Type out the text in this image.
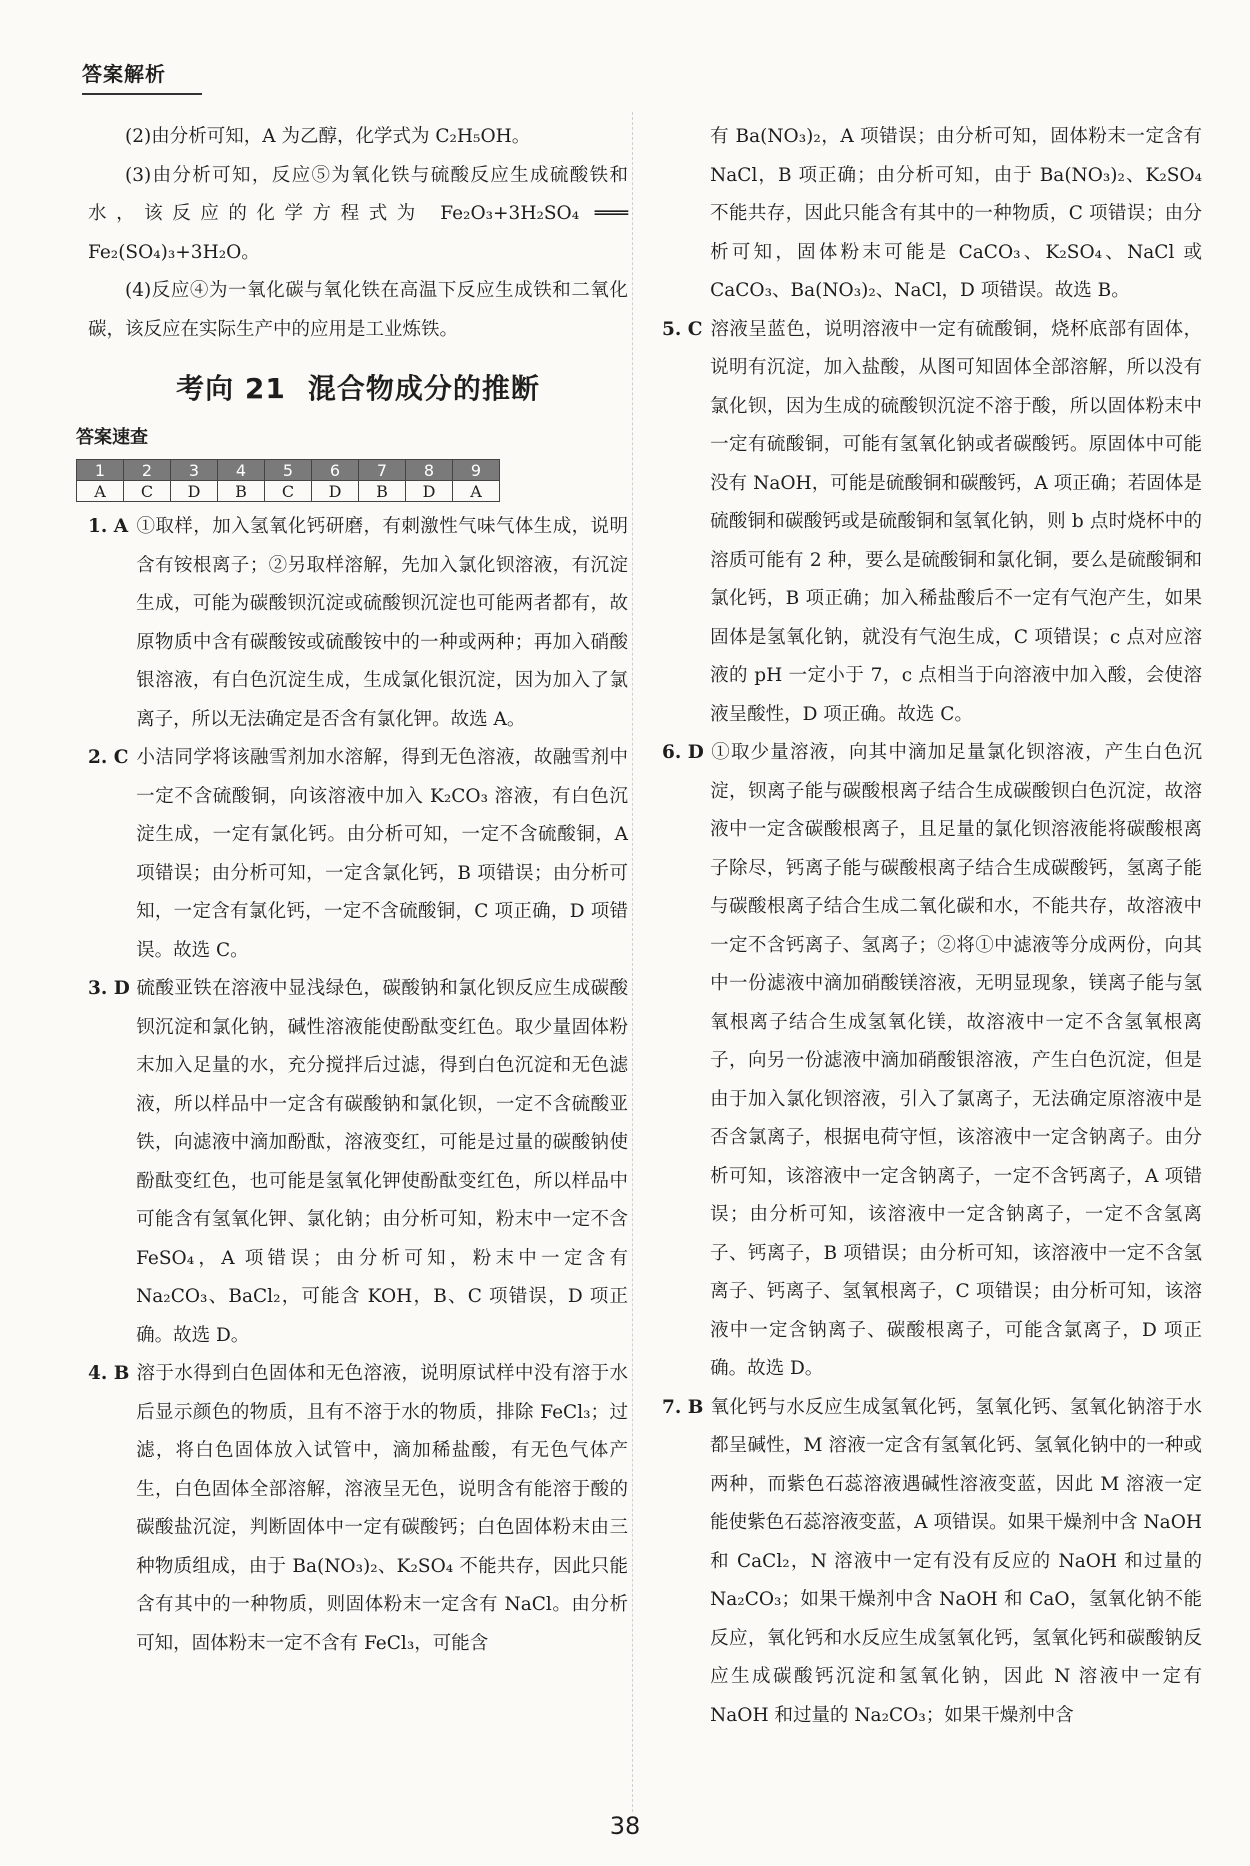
答案解析

(2)由分析可知，A 为乙醇，化学式为 C₂H₅OH。

(3)由分析可知，反应⑤为氧化铁与硫酸反应生成硫酸铁和水，该反应的化学方程式为 Fe₂O₃+3H₂SO₄ ═══ Fe₂(SO₄)₃+3H₂O。

(4)反应④为一氧化碳与氧化铁在高温下反应生成铁和二氧化碳，该反应在实际生产中的应用是工业炼铁。

考向 21 混合物成分的推断
答案速查
1	2	3	4	5	6	7	8	9
A	C	D	B	C	D	B	D	A

1. A ①取样，加入氢氧化钙研磨，有刺激性气味气体生成，说明含有铵根离子；②另取样溶解，先加入氯化钡溶液，有沉淀生成，可能为碳酸钡沉淀或硫酸钡沉淀也可能两者都有，故原物质中含有碳酸铵或硫酸铵中的一种或两种；再加入硝酸银溶液，有白色沉淀生成，生成氯化银沉淀，因为加入了氯离子，所以无法确定是否含有氯化钾。故选 A。

2. C 小洁同学将该融雪剂加水溶解，得到无色溶液，故融雪剂中一定不含硫酸铜，向该溶液中加入 K₂CO₃ 溶液，有白色沉淀生成，一定有氯化钙。由分析可知，一定不含硫酸铜，A 项错误；由分析可知，一定含氯化钙，B 项错误；由分析可知，一定含有氯化钙，一定不含硫酸铜，C 项正确，D 项错误。故选 C。

3. D 硫酸亚铁在溶液中显浅绿色，碳酸钠和氯化钡反应生成碳酸钡沉淀和氯化钠，碱性溶液能使酚酞变红色。取少量固体粉末加入足量的水，充分搅拌后过滤，得到白色沉淀和无色滤液，所以样品中一定含有碳酸钠和氯化钡，一定不含硫酸亚铁，向滤液中滴加酚酞，溶液变红，可能是过量的碳酸钠使酚酞变红色，也可能是氢氧化钾使酚酞变红色，所以样品中可能含有氢氧化钾、氯化钠；由分析可知，粉末中一定不含 FeSO₄，A 项错误；由分析可知，粉末中一定含有 Na₂CO₃、BaCl₂，可能含 KOH，B、C 项错误，D 项正确。故选 D。

4. B 溶于水得到白色固体和无色溶液，说明原试样中没有溶于水后显示颜色的物质，且有不溶于水的物质，排除 FeCl₃；过滤，将白色固体放入试管中，滴加稀盐酸，有无色气体产生，白色固体全部溶解，溶液呈无色，说明含有能溶于酸的碳酸盐沉淀，判断固体中一定有碳酸钙；白色固体粉末由三种物质组成，由于 Ba(NO₃)₂、K₂SO₄ 不能共存，因此只能含有其中的一种物质，则固体粉末一定含有 NaCl。由分析可知，固体粉末一定不含有 FeCl₃，可能含

有 Ba(NO₃)₂，A 项错误；由分析可知，固体粉末一定含有 NaCl，B 项正确；由分析可知，由于 Ba(NO₃)₂、K₂SO₄ 不能共存，因此只能含有其中的一种物质，C 项错误；由分析可知，固体粉末可能是 CaCO₃、K₂SO₄、NaCl 或 CaCO₃、Ba(NO₃)₂、NaCl，D 项错误。故选 B。

5. C 溶液呈蓝色，说明溶液中一定有硫酸铜，烧杯底部有固体，说明有沉淀，加入盐酸，从图可知固体全部溶解，所以没有氯化钡，因为生成的硫酸钡沉淀不溶于酸，所以固体粉末中一定有硫酸铜，可能有氢氧化钠或者碳酸钙。原固体中可能没有 NaOH，可能是硫酸铜和碳酸钙，A 项正确；若固体是硫酸铜和碳酸钙或是硫酸铜和氢氧化钠，则 b 点时烧杯中的溶质可能有 2 种，要么是硫酸铜和氯化铜，要么是硫酸铜和氯化钙，B 项正确；加入稀盐酸后不一定有气泡产生，如果固体是氢氧化钠，就没有气泡生成，C 项错误；c 点对应溶液的 pH 一定小于 7，c 点相当于向溶液中加入酸，会使溶液呈酸性，D 项正确。故选 C。

6. D ①取少量溶液，向其中滴加足量氯化钡溶液，产生白色沉淀，钡离子能与碳酸根离子结合生成碳酸钡白色沉淀，故溶液中一定含碳酸根离子，且足量的氯化钡溶液能将碳酸根离子除尽，钙离子能与碳酸根离子结合生成碳酸钙，氢离子能与碳酸根离子结合生成二氧化碳和水，不能共存，故溶液中一定不含钙离子、氢离子；②将①中滤液等分成两份，向其中一份滤液中滴加硝酸镁溶液，无明显现象，镁离子能与氢氧根离子结合生成氢氧化镁，故溶液中一定不含氢氧根离子，向另一份滤液中滴加硝酸银溶液，产生白色沉淀，但是由于加入氯化钡溶液，引入了氯离子，无法确定原溶液中是否含氯离子，根据电荷守恒，该溶液中一定含钠离子。由分析可知，该溶液中一定含钠离子，一定不含钙离子，A 项错误；由分析可知，该溶液中一定含钠离子，一定不含氢离子、钙离子，B 项错误；由分析可知，该溶液中一定不含氢离子、钙离子、氢氧根离子，C 项错误；由分析可知，该溶液中一定含钠离子、碳酸根离子，可能含氯离子，D 项正确。故选 D。

7. B 氧化钙与水反应生成氢氧化钙，氢氧化钙、氢氧化钠溶于水都呈碱性，M 溶液一定含有氢氧化钙、氢氧化钠中的一种或两种，而紫色石蕊溶液遇碱性溶液变蓝，因此 M 溶液一定能使紫色石蕊溶液变蓝，A 项错误。如果干燥剂中含 NaOH 和 CaCl₂，N 溶液中一定有没有反应的 NaOH 和过量的 Na₂CO₃；如果干燥剂中含 NaOH 和 CaO，氢氧化钠不能反应，氧化钙和水反应生成氢氧化钙，氢氧化钙和碳酸钠反应生成碳酸钙沉淀和氢氧化钠，因此 N 溶液中一定有 NaOH 和过量的 Na₂CO₃；如果干燥剂中含

38
